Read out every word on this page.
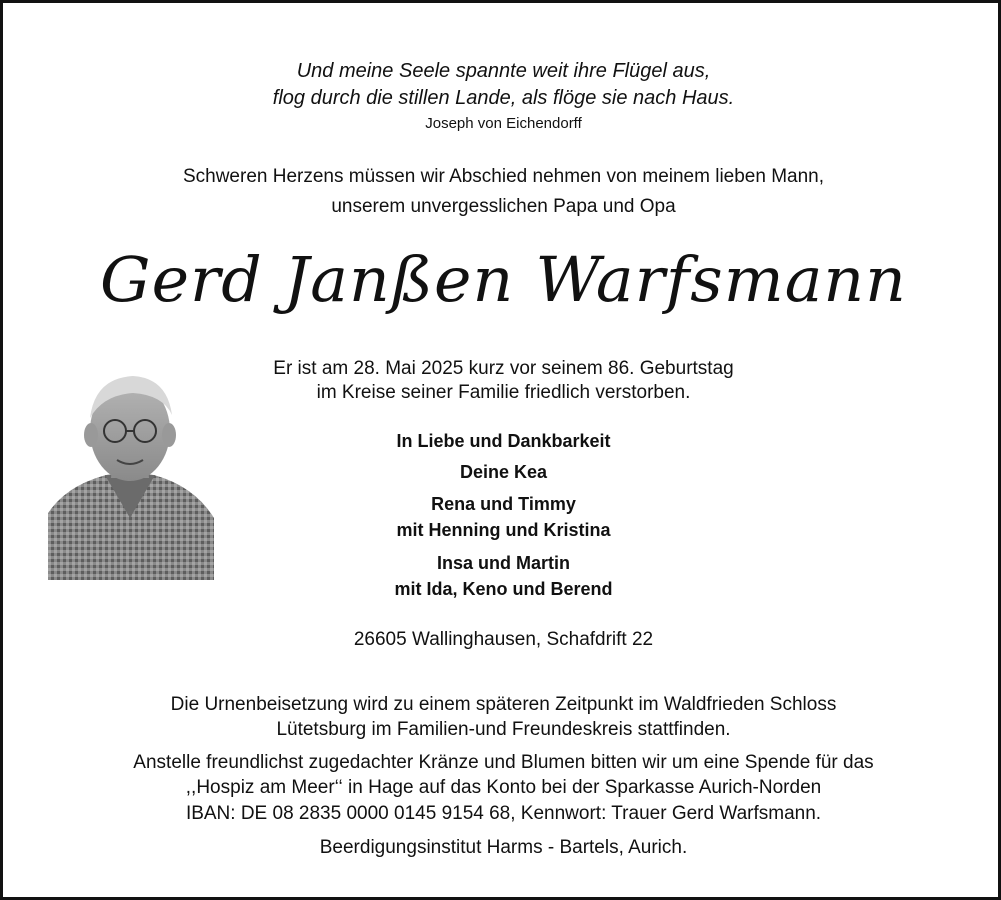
Und meine Seele spannte weit ihre Flügel aus,
flog durch die stillen Lande, als flöge sie nach Haus.
Joseph von Eichendorff
Schweren Herzens müssen wir Abschied nehmen von meinem lieben Mann,
unserem unvergesslichen Papa und Opa
Gerd Janßen Warfsmann
Er ist am 28. Mai 2025 kurz vor seinem 86. Geburtstag
im Kreise seiner Familie friedlich verstorben.
In Liebe und Dankbarkeit
Deine Kea
Rena und Timmy
mit Henning und Kristina
Insa und Martin
mit Ida, Keno und Berend
26605 Wallinghausen, Schafdrift 22
Die Urnenbeisetzung wird zu einem späteren Zeitpunkt im Waldfrieden Schloss
Lütetsburg im Familien-und Freundeskreis stattfinden.
Anstelle freundlichst zugedachter Kränze und Blumen bitten wir um eine Spende für das
,,Hospiz am Meer‘‘ in Hage auf das Konto bei der Sparkasse Aurich-Norden
IBAN: DE 08 2835 0000 0145 9154 68, Kennwort: Trauer Gerd Warfsmann.
Beerdigungsinstitut Harms - Bartels, Aurich.
